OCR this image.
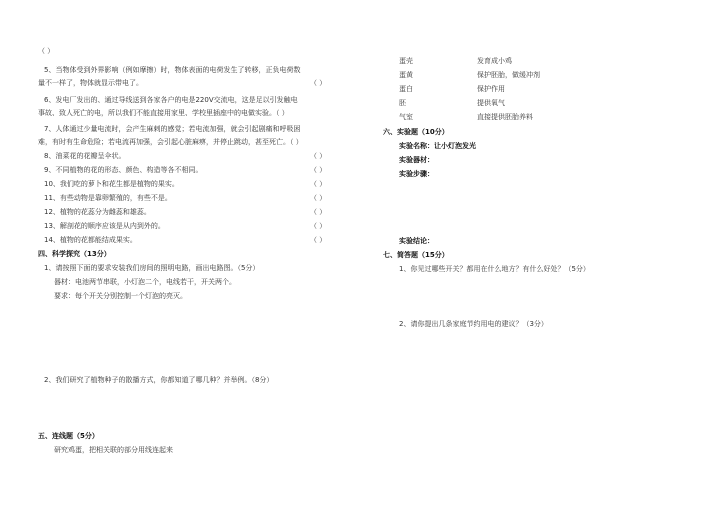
（ ）
5、当物体受到外界影响（例如摩擦）时，物体表面的电荷发生了转移，正负电荷数
量不一样了，物体就显示带电了。	（ ）
6、发电厂发出的、通过导线送到各家各户的电是220V交流电，这是足以引发触电
事故、致人死亡的电，所以我们不能直接用家里、学校里插座中的电做实验。（ ）
7、人体通过少量电流时，会产生麻刺的感觉；若电流加强，就会引起剧痛和呼吸困
难，有时有生命危险；若电流再加强，会引起心脏麻痹，并停止跳动，甚至死亡。（ ）
8、油菜花的花瓣呈伞状。	（ ）
9、不同植物的花的形态、颜色、构造等各不相同。	（ ）
10、我们吃的萝卜和花生都是植物的果实。	（ ）
11、有些动物是靠卵繁殖的，有些不是。	（ ）
12、植物的花蕊分为雌蕊和雄蕊。	（ ）
13、解剖花的顺序应该是从内到外的。	（ ）
14、植物的花都能结成果实。	（ ）
四、科学探究（13分）
1、请按照下面的要求安装我们房间的照明电路，画出电路图。（5分）
器材：电池两节串联，小灯泡二个，电线若干，开关两个。
要求：每个开关分别控制一个灯泡的亮灭。
2、我们研究了植物种子的散播方式，你都知道了哪几种？并举例。（8分）
五、连线题（5分）
研究鸡蛋，把相关联的部分用线连起来
蛋壳	发育成小鸡
蛋黄	保护胚胎，做缓冲剂
蛋白	保护作用
胚	提供氧气
气室	直接提供胚胎养料
六、实验题（10分）
实验名称：让小灯泡发光
实验器材：
实验步骤：
实验结论：
七、简答题（15分）
1、你见过哪些开关？都用在什么地方？有什么好处？（5分）
2、请你提出几条家庭节约用电的建议？（3分）
